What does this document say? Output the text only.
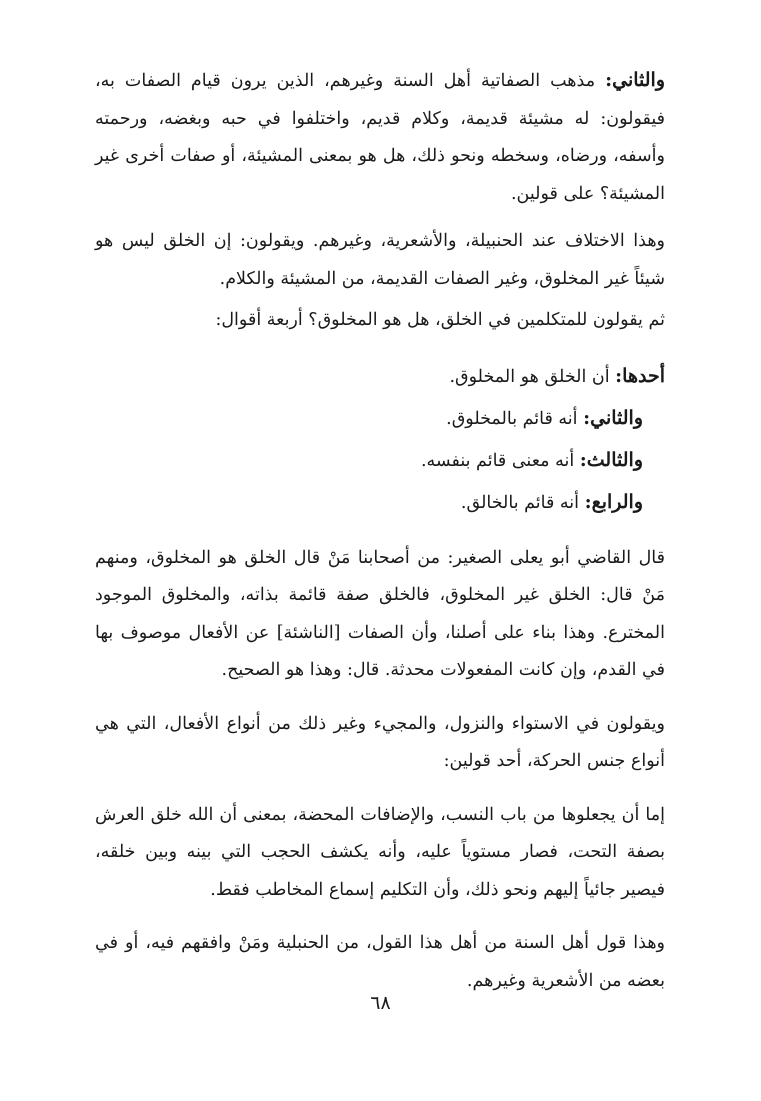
والثاني: مذهب الصفاتية أهل السنة وغيرهم، الذين يرون قيام الصفات به، فيقولون: له مشيئة قديمة، وكلام قديم، واختلفوا في حبه وبغضه، ورحمته وأسفه، ورضاه، وسخطه ونحو ذلك، هل هو بمعنى المشيئة، أو صفات أخرى غير المشيئة؟ على قولين.

وهذا الاختلاف عند الحنبيلة، والأشعرية، وغيرهم. ويقولون: إن الخلق ليس هو شيئاً غير المخلوق، وغير الصفات القديمة، من المشيئة والكلام.

ثم يقولون للمتكلمين في الخلق، هل هو المخلوق؟ أربعة أقوال:

أحدها: أن الخلق هو المخلوق.
والثاني: أنه قائم بالمخلوق.
والثالث: أنه معنى قائم بنفسه.
والرابع: أنه قائم بالخالق.

قال القاضي أبو يعلى الصغير: من أصحابنا مَنْ قال الخلق هو المخلوق، ومنهم مَنْ قال: الخلق غير المخلوق، فالخلق صفة قائمة بذاته، والمخلوق الموجود المخترع. وهذا بناء على أصلنا، وأن الصفات [الناشئة] عن الأفعال موصوف بها في القدم، وإن كانت المفعولات محدثة. قال: وهذا هو الصحيح.

ويقولون في الاستواء والنزول، والمجيء وغير ذلك من أنواع الأفعال، التي هي أنواع جنس الحركة، أحد قولين:

إما أن يجعلوها من باب النسب، والإضافات المحضة، بمعنى أن الله خلق العرش بصفة التحت، فصار مستوياً عليه، وأنه يكشف الحجب التي بينه وبين خلقه، فيصير جائياً إليهم ونحو ذلك، وأن التكليم إسماع المخاطب فقط.

وهذا قول أهل السنة من أهل هذا القول، من الحنبلية ومَنْ وافقهم فيه، أو في بعضه من الأشعرية وغيرهم.

٦٨
